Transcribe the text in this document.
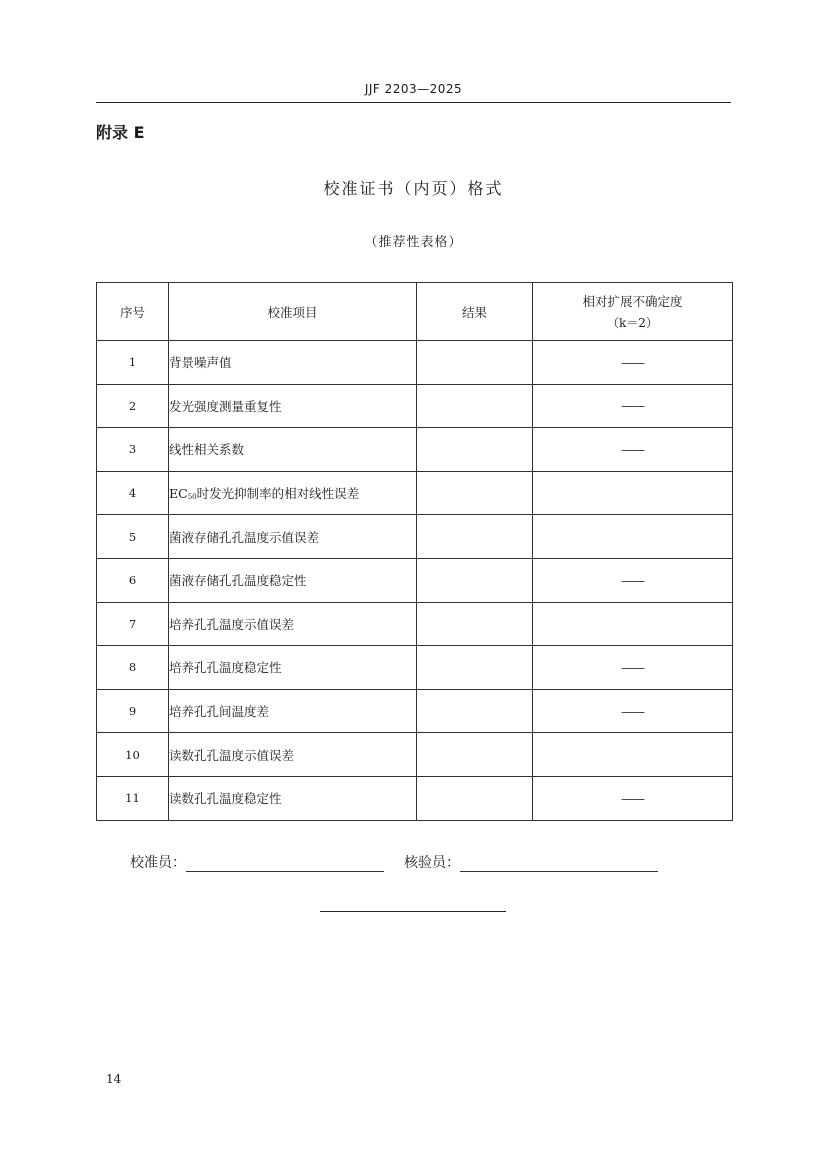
JJF 2203—2025
附录 E
校准证书（内页）格式
（推荐性表格）
序号	校准项目	结果	相对扩展不确定度
（k＝2）

1	背景噪声值		——
2	发光强度测量重复性		——
3	线性相关系数		——
4	EC50时发光抑制率的相对线性误差		
5	菌液存储孔孔温度示值误差		
6	菌液存储孔孔温度稳定性		——
7	培养孔孔温度示值误差		
8	培养孔孔温度稳定性		——
9	培养孔孔间温度差		——
10	读数孔孔温度示值误差		
11	读数孔孔温度稳定性		——
校准员：	核验员：
14
